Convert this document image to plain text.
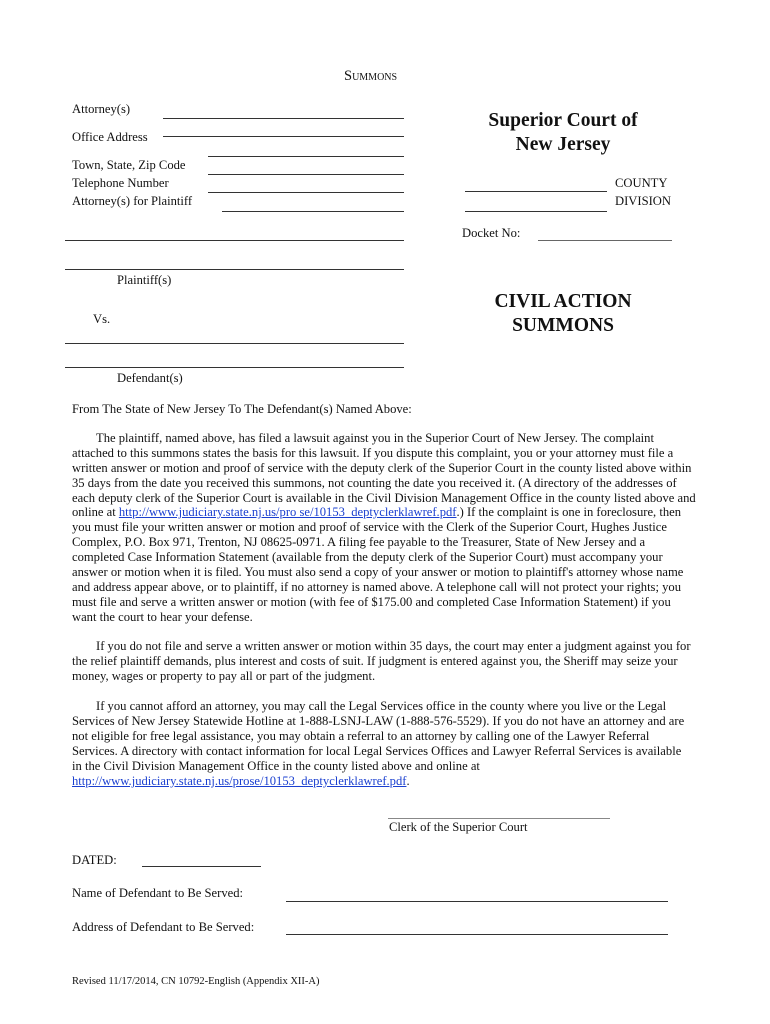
Summons
Attorney(s)
Office Address
Town, State, Zip Code
Telephone Number
Attorney(s) for Plaintiff
Superior Court of
New Jersey
COUNTY
DIVISION
Docket No:
Plaintiff(s)
Vs.
Defendant(s)
CIVIL ACTION
SUMMONS
From The State of New Jersey To The Defendant(s) Named Above:
The plaintiff, named above, has filed a lawsuit against you in the Superior Court of New Jersey. The complaint
attached to this summons states the basis for this lawsuit. If you dispute this complaint, you or your attorney must file a
written answer or motion and proof of service with the deputy clerk of the Superior Court in the county listed above within
35 days from the date you received this summons, not counting the date you received it. (A directory of the addresses of
each deputy clerk of the Superior Court is available in the Civil Division Management Office in the county listed above and
online at http://www.judiciary.state.nj.us/pro se/10153_deptyclerklawref.pdf.) If the complaint is one in foreclosure, then
you must file your written answer or motion and proof of service with the Clerk of the Superior Court, Hughes Justice
Complex, P.O. Box 971, Trenton, NJ 08625-0971. A filing fee payable to the Treasurer, State of New Jersey and a
completed Case Information Statement (available from the deputy clerk of the Superior Court) must accompany your
answer or motion when it is filed. You must also send a copy of your answer or motion to plaintiff's attorney whose name
and address appear above, or to plaintiff, if no attorney is named above. A telephone call will not protect your rights; you
must file and serve a written answer or motion (with fee of $175.00 and completed Case Information Statement) if you
want the court to hear your defense.
If you do not file and serve a written answer or motion within 35 days, the court may enter a judgment against you for
the relief plaintiff demands, plus interest and costs of suit. If judgment is entered against you, the Sheriff may seize your
money, wages or property to pay all or part of the judgment.
If you cannot afford an attorney, you may call the Legal Services office in the county where you live or the Legal
Services of New Jersey Statewide Hotline at 1-888-LSNJ-LAW (1-888-576-5529). If you do not have an attorney and are
not eligible for free legal assistance, you may obtain a referral to an attorney by calling one of the Lawyer Referral
Services. A directory with contact information for local Legal Services Offices and Lawyer Referral Services is available
in the Civil Division Management Office in the county listed above and online at
http://www.judiciary.state.nj.us/prose/10153_deptyclerklawref.pdf.
Clerk of the Superior Court
DATED:
Name of Defendant to Be Served:
Address of Defendant to Be Served:
Revised 11/17/2014, CN 10792-English (Appendix XII-A)
